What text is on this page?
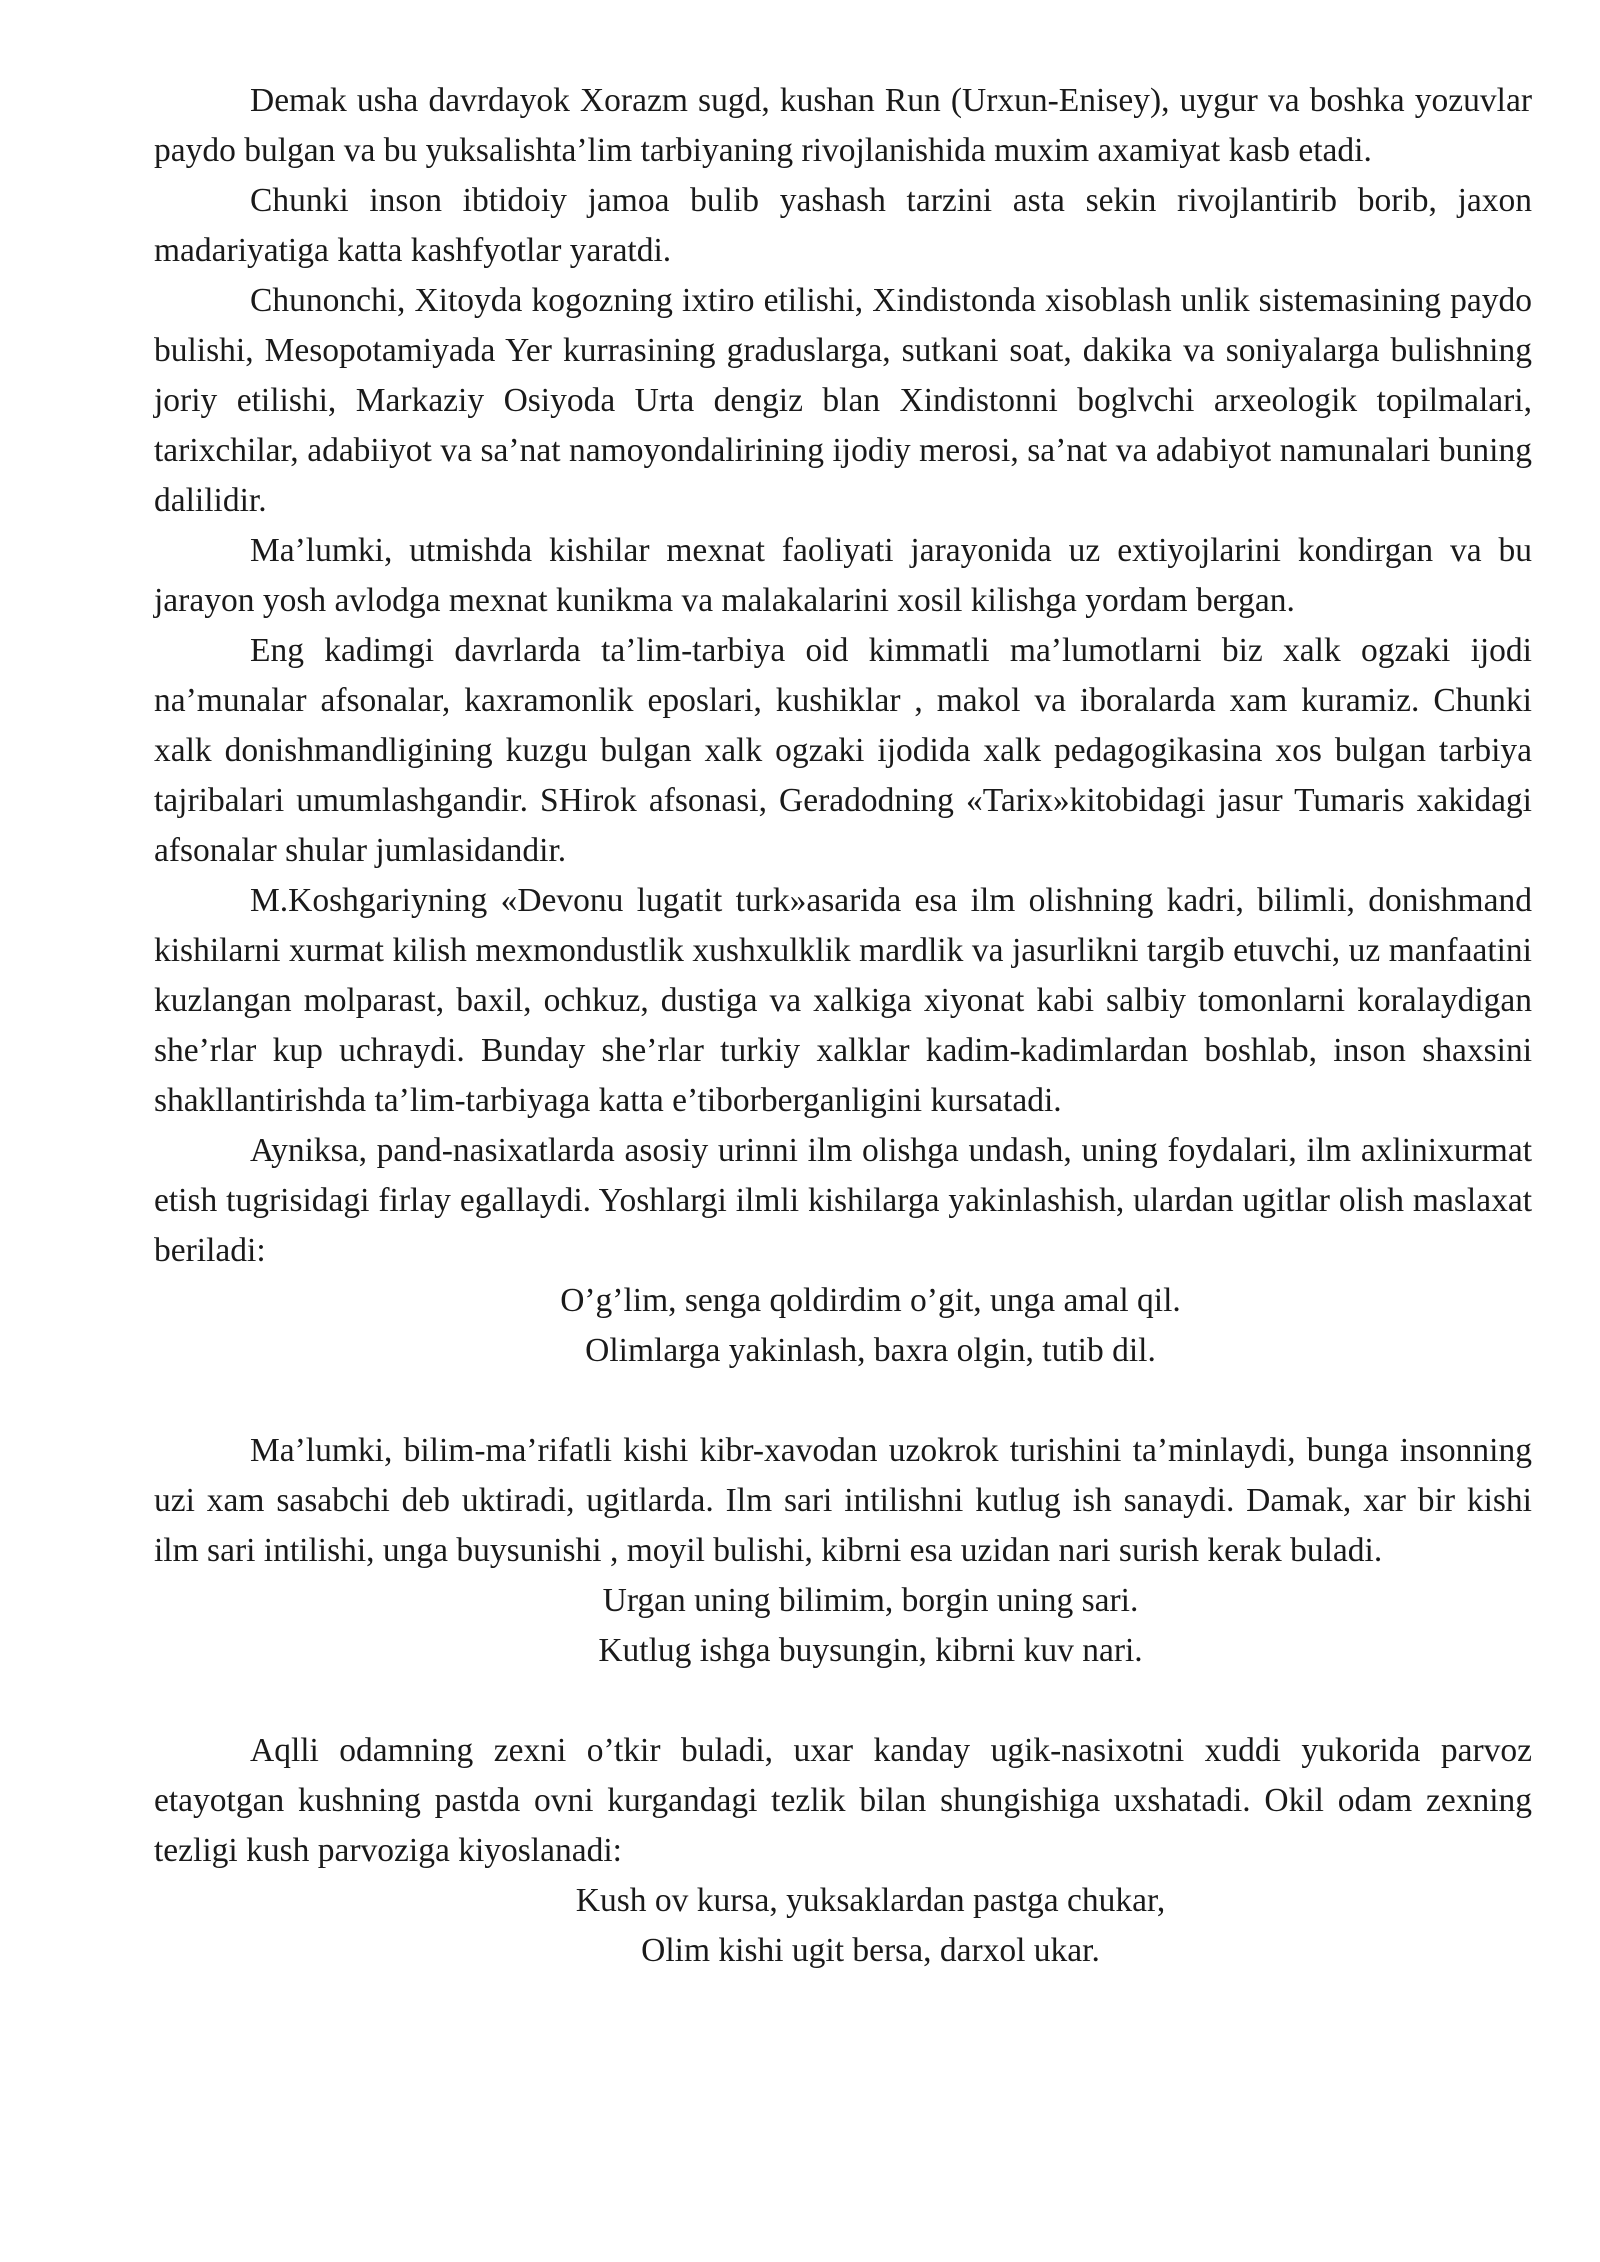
Demak usha davrdayok Xorazm sugd, kushan Run (Urxun-Enisey), uygur va boshka yozuvlar paydo bulgan va bu yuksalishta’lim tarbiyaning rivojlanishida muxim axamiyat kasb etadi.

Chunki inson ibtidoiy jamoa bulib yashash tarzini asta sekin rivojlantirib borib, jaxon madariyatiga katta kashfyotlar yaratdi.

Chunonchi, Xitoyda kogozning ixtiro etilishi, Xindistonda xisoblash unlik sistemasining paydo bulishi, Mesopotamiyada Yer kurrasining graduslarga, sutkani soat, dakika va soniyalarga bulishning joriy etilishi, Markaziy Osiyoda Urta dengiz blan Xindistonni boglvchi arxeologik topilmalari, tarixchilar, adabiiyot va sa’nat namoyondalirining ijodiy merosi, sa’nat va adabiyot namunalari buning dalilidir.

Ma’lumki, utmishda kishilar mexnat faoliyati jarayonida uz extiyojlarini kondirgan va bu jarayon yosh avlodga mexnat kunikma va malakalarini xosil kilishga yordam bergan.

Eng kadimgi davrlarda ta’lim-tarbiya oid kimmatli ma’lumotlarni biz xalk ogzaki ijodi na’munalar afsonalar, kaxramonlik eposlari, kushiklar , makol va iboralarda xam kuramiz. Chunki xalk donishmandligining kuzgu bulgan xalk ogzaki ijodida xalk pedagogikasina xos bulgan tarbiya tajribalari umumlashgandir. SHirok afsonasi, Geradodning «Tarix»kitobidagi jasur Tumaris xakidagi afsonalar shular jumlasidandir.

M.Koshgariyning «Devonu lugatit turk»asarida esa ilm olishning kadri, bilimli, donishmand kishilarni xurmat kilish mexmondustlik xushxulklik mardlik va jasurlikni targib etuvchi, uz manfaatini kuzlangan molparast, baxil, ochkuz, dustiga va xalkiga xiyonat kabi salbiy tomonlarni koralaydigan she’rlar kup uchraydi. Bunday she’rlar turkiy xalklar kadim-kadimlardan boshlab, inson shaxsini shakllantirishda ta’lim-tarbiyaga katta e’tiborberganligini kursatadi.

Ayniksa, pand-nasixatlarda asosiy urinni ilm olishga undash, uning foydalari, ilm axlinixurmat etish tugrisidagi firlay egallaydi. Yoshlargi ilmli kishilarga yakinlashish, ulardan ugitlar olish maslaxat beriladi:

O’g’lim, senga qoldirdim o’git, unga amal qil.
Olimlarga yakinlash, baxra olgin, tutib dil.

Ma’lumki, bilim-ma’rifatli kishi kibr-xavodan uzokrok turishini ta’minlaydi, bunga insonning uzi xam sasabchi deb uktiradi, ugitlarda. Ilm sari intilishni kutlug ish sanaydi. Damak, xar bir kishi ilm sari intilishi, unga buysunishi , moyil bulishi, kibrni esa uzidan nari surish kerak buladi.

Urgan uning bilimim, borgin uning sari.
Kutlug ishga buysungin, kibrni kuv nari.

Aqlli odamning zexni o’tkir buladi, uxar kanday ugik-nasixotni xuddi yukorida parvoz etayotgan kushning pastda ovni kurgandagi tezlik bilan shungishiga uxshatadi. Okil odam zexning tezligi kush parvoziga kiyoslanadi:

Kush ov kursa, yuksaklardan pastga chukar,
Olim kishi ugit bersa, darxol ukar.
